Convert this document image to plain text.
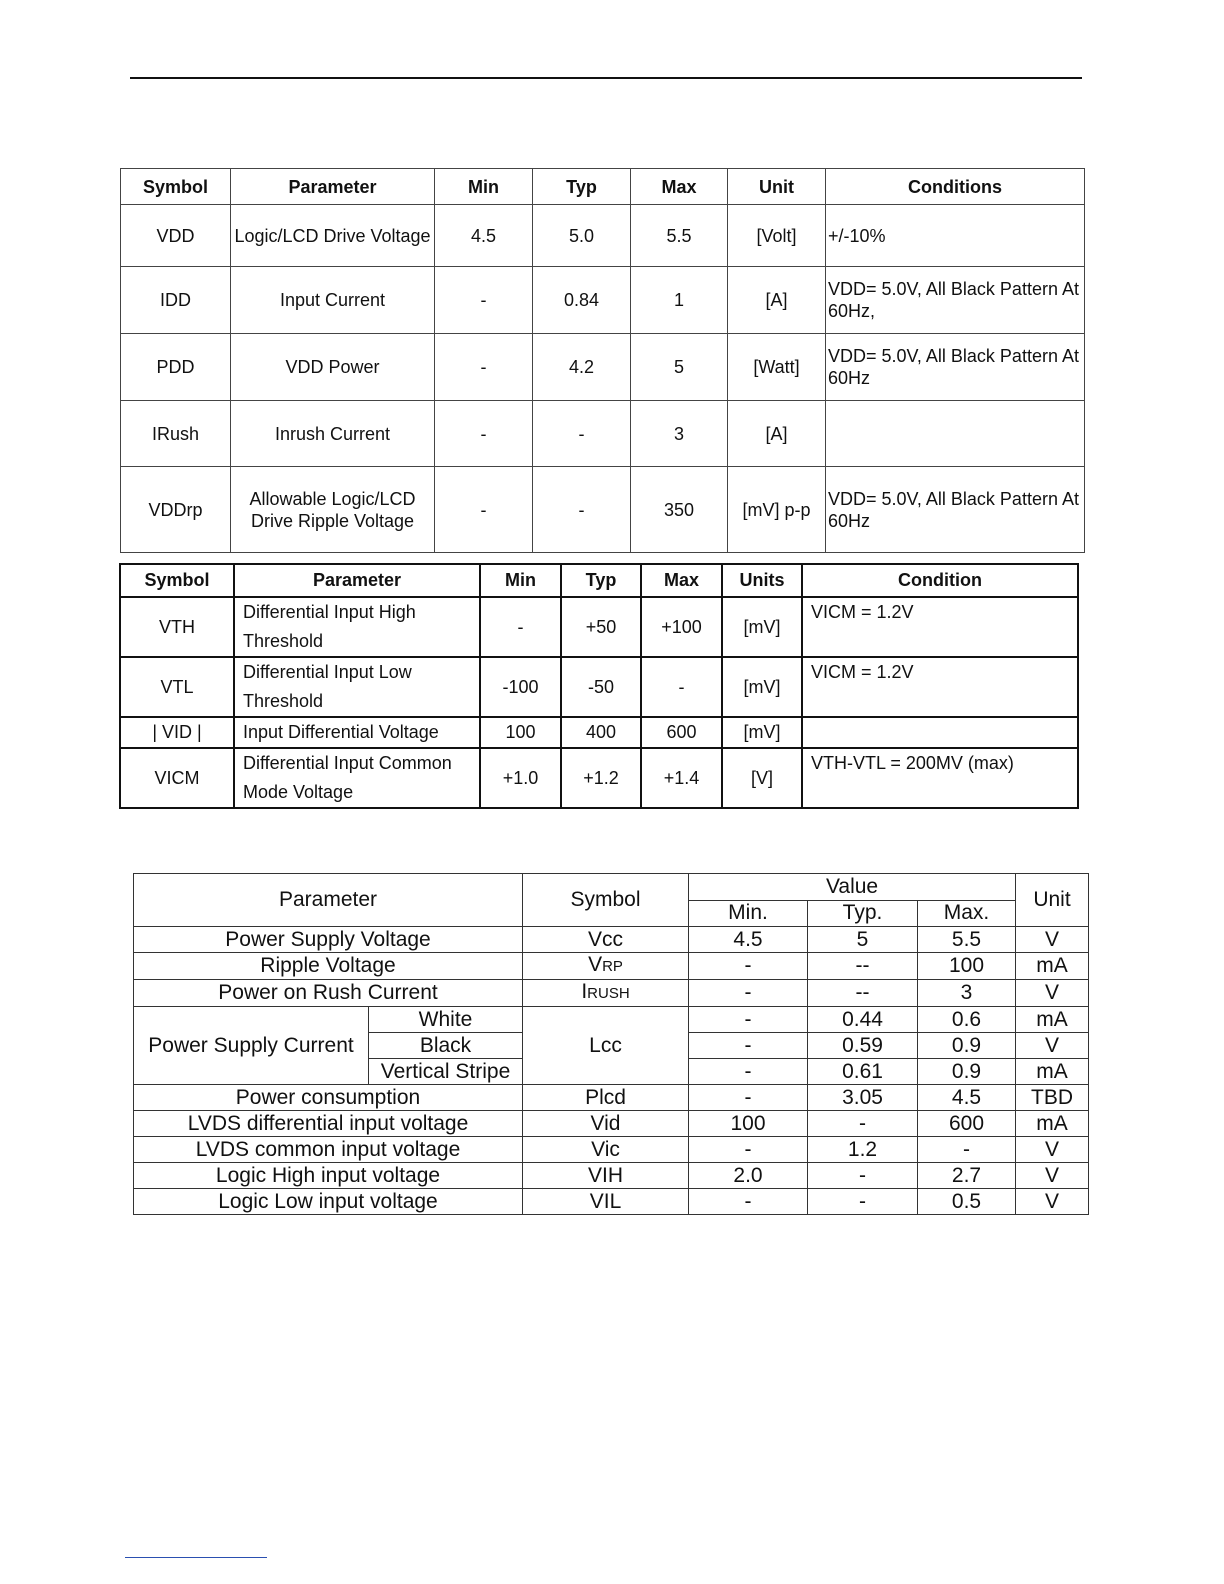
Symbol	Parameter	Min	Typ	Max	Unit	Conditions
VDD	Logic/LCD Drive Voltage	4.5	5.0	5.5	[Volt]	+/-10%
IDD	Input Current	-	0.84	1	[A]	VDD= 5.0V, All Black Pattern At 60Hz,
PDD	VDD Power	-	4.2	5	[Watt]	VDD= 5.0V, All Black Pattern At 60Hz
IRush	Inrush Current	-	-	3	[A]	
VDDrp	Allowable Logic/LCD Drive Ripple Voltage	-	-	350	[mV] p-p	VDD= 5.0V, All Black Pattern At 60Hz
Symbol	Parameter	Min	Typ	Max	Units	Condition
VTH	Differential Input High Threshold	-	+50	+100	[mV]	VICM = 1.2V
VTL	Differential Input Low Threshold	-100	-50	-	[mV]	VICM = 1.2V
| VID |	Input Differential Voltage	100	400	600	[mV]	
VICM	Differential Input Common Mode Voltage	+1.0	+1.2	+1.4	[V]	VTH-VTL = 200MV (max)
Parameter		Symbol	Value			Unit
			Min.	Typ.	Max.	
Power Supply Voltage		Vcc	4.5	5	5.5	V
Ripple Voltage		VRP	-	--	100	mA
Power on Rush Current		IRUSH	-	--	3	V
Power Supply Current	White	Lcc	-	0.44	0.6	mA
	Black		-	0.59	0.9	V
	Vertical Stripe		-	0.61	0.9	mA
Power consumption		Plcd	-	3.05	4.5	TBD
LVDS differential input voltage		Vid	100	-	600	mA
LVDS common input voltage		Vic	-	1.2	-	V
Logic High input voltage		VIH	2.0	-	2.7	V
Logic Low input voltage		VIL	-	-	0.5	V
